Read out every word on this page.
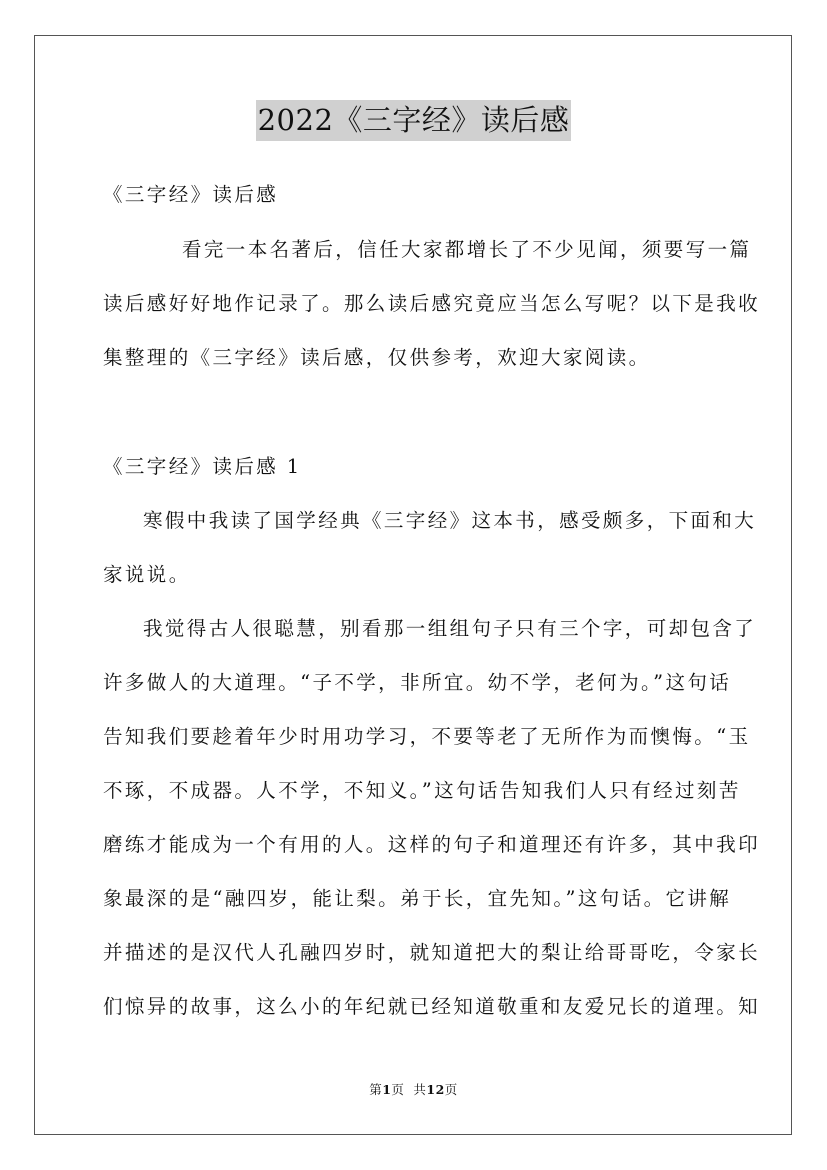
2022《三字经》读后感
《三字经》读后感
看完一本名著后，信任大家都增长了不少见闻，须要写一篇
读后感好好地作记录了。那么读后感究竟应当怎么写呢？以下是我收
集整理的《三字经》读后感，仅供参考，欢迎大家阅读。
《三字经》读后感 1
寒假中我读了国学经典《三字经》这本书，感受颇多，下面和大
家说说。
我觉得古人很聪慧，别看那一组组句子只有三个字，可却包含了
许多做人的大道理。“子不学，非所宜。幼不学，老何为。”这句话
告知我们要趁着年少时用功学习，不要等老了无所作为而懊悔。“玉
不琢，不成器。人不学，不知义。”这句话告知我们人只有经过刻苦
磨练才能成为一个有用的人。这样的句子和道理还有许多，其中我印
象最深的是“融四岁，能让梨。弟于长，宜先知。”这句话。它讲解
并描述的是汉代人孔融四岁时，就知道把大的梨让给哥哥吃，令家长
们惊异的故事，这么小的年纪就已经知道敬重和友爱兄长的道理。知
第1页 共12页
